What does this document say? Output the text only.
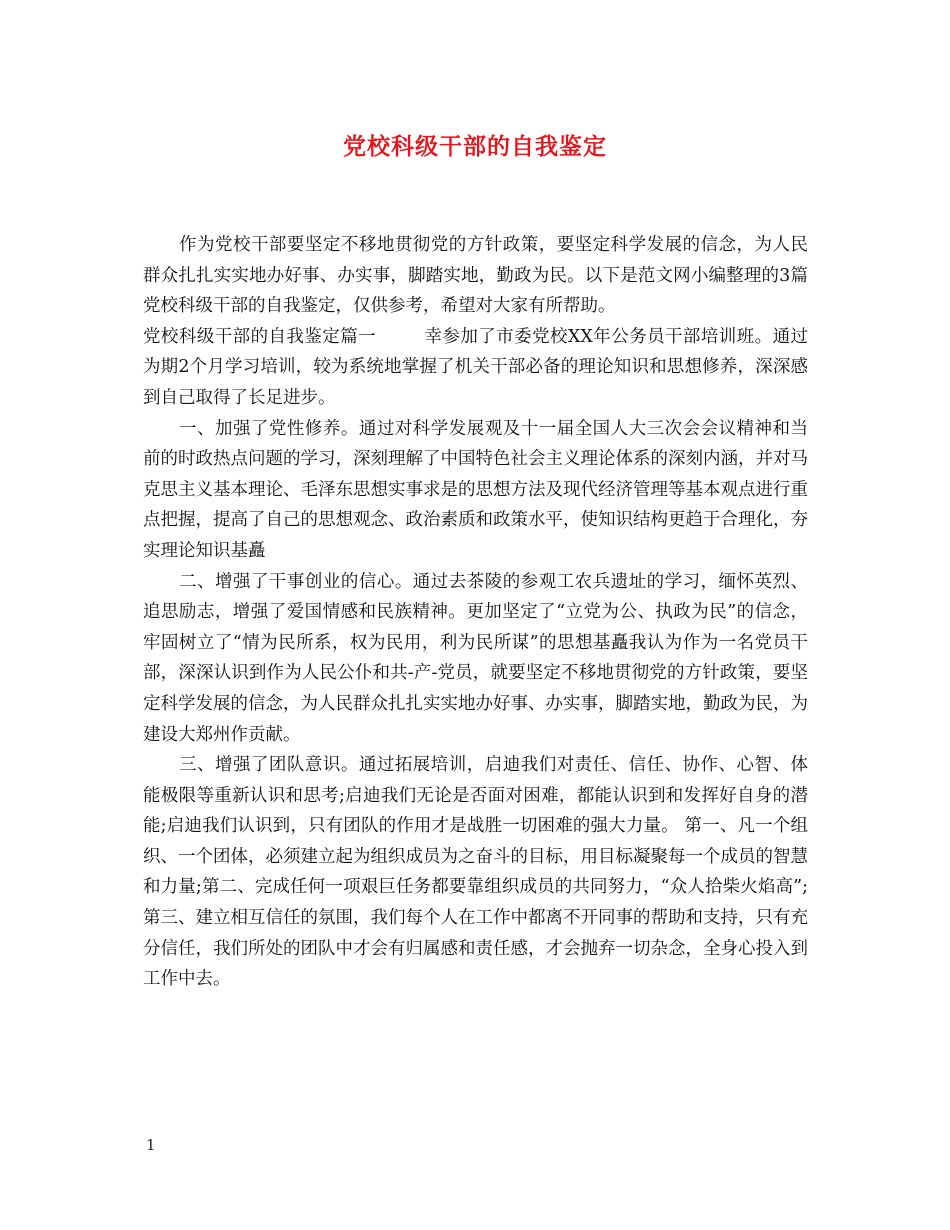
党校科级干部的自我鉴定

作为党校干部要坚定不移地贯彻党的方针政策，要坚定科学发展的信念，为人民群众扎扎实实地办好事、办实事，脚踏实地，勤政为民。以下是范文网小编整理的3篇党校科级干部的自我鉴定，仅供参考，希望对大家有所帮助。

党校科级干部的自我鉴定篇一	幸参加了市委党校XX年公务员干部培训班。通过为期2个月学习培训，较为系统地掌握了机关干部必备的理论知识和思想修养，深深感到自己取得了长足进步。

一、加强了党性修养。通过对科学发展观及十一届全国人大三次会会议精神和当前的时政热点问题的学习，深刻理解了中国特色社会主义理论体系的深刻内涵，并对马克思主义基本理论、毛泽东思想实事求是的思想方法及现代经济管理等基本观点进行重点把握，提高了自己的思想观念、政治素质和政策水平，使知识结构更趋于合理化，夯实理论知识基矗

二、增强了干事创业的信心。通过去茶陵的参观工农兵遗址的学习，缅怀英烈、追思励志，增强了爱国情感和民族精神。更加坚定了“立党为公、执政为民”的信念，牢固树立了“情为民所系，权为民用，利为民所谋”的思想基矗我认为作为一名党员干部，深深认识到作为人民公仆和共-产-党员，就要坚定不移地贯彻党的方针政策，要坚定科学发展的信念，为人民群众扎扎实实地办好事、办实事，脚踏实地，勤政为民，为建设大郑州作贡献。

三、增强了团队意识。通过拓展培训，启迪我们对责任、信任、协作、心智、体能极限等重新认识和思考;启迪我们无论是否面对困难，都能认识到和发挥好自身的潜能;启迪我们认识到，只有团队的作用才是战胜一切困难的强大力量。 第一、凡一个组织、一个团体，必须建立起为组织成员为之奋斗的目标，用目标凝聚每一个成员的智慧和力量;第二、完成任何一项艰巨任务都要靠组织成员的共同努力，“众人拾柴火焰高”;第三、建立相互信任的氛围，我们每个人在工作中都离不开同事的帮助和支持，只有充分信任，我们所处的团队中才会有归属感和责任感，才会抛弃一切杂念，全身心投入到工作中去。

1
